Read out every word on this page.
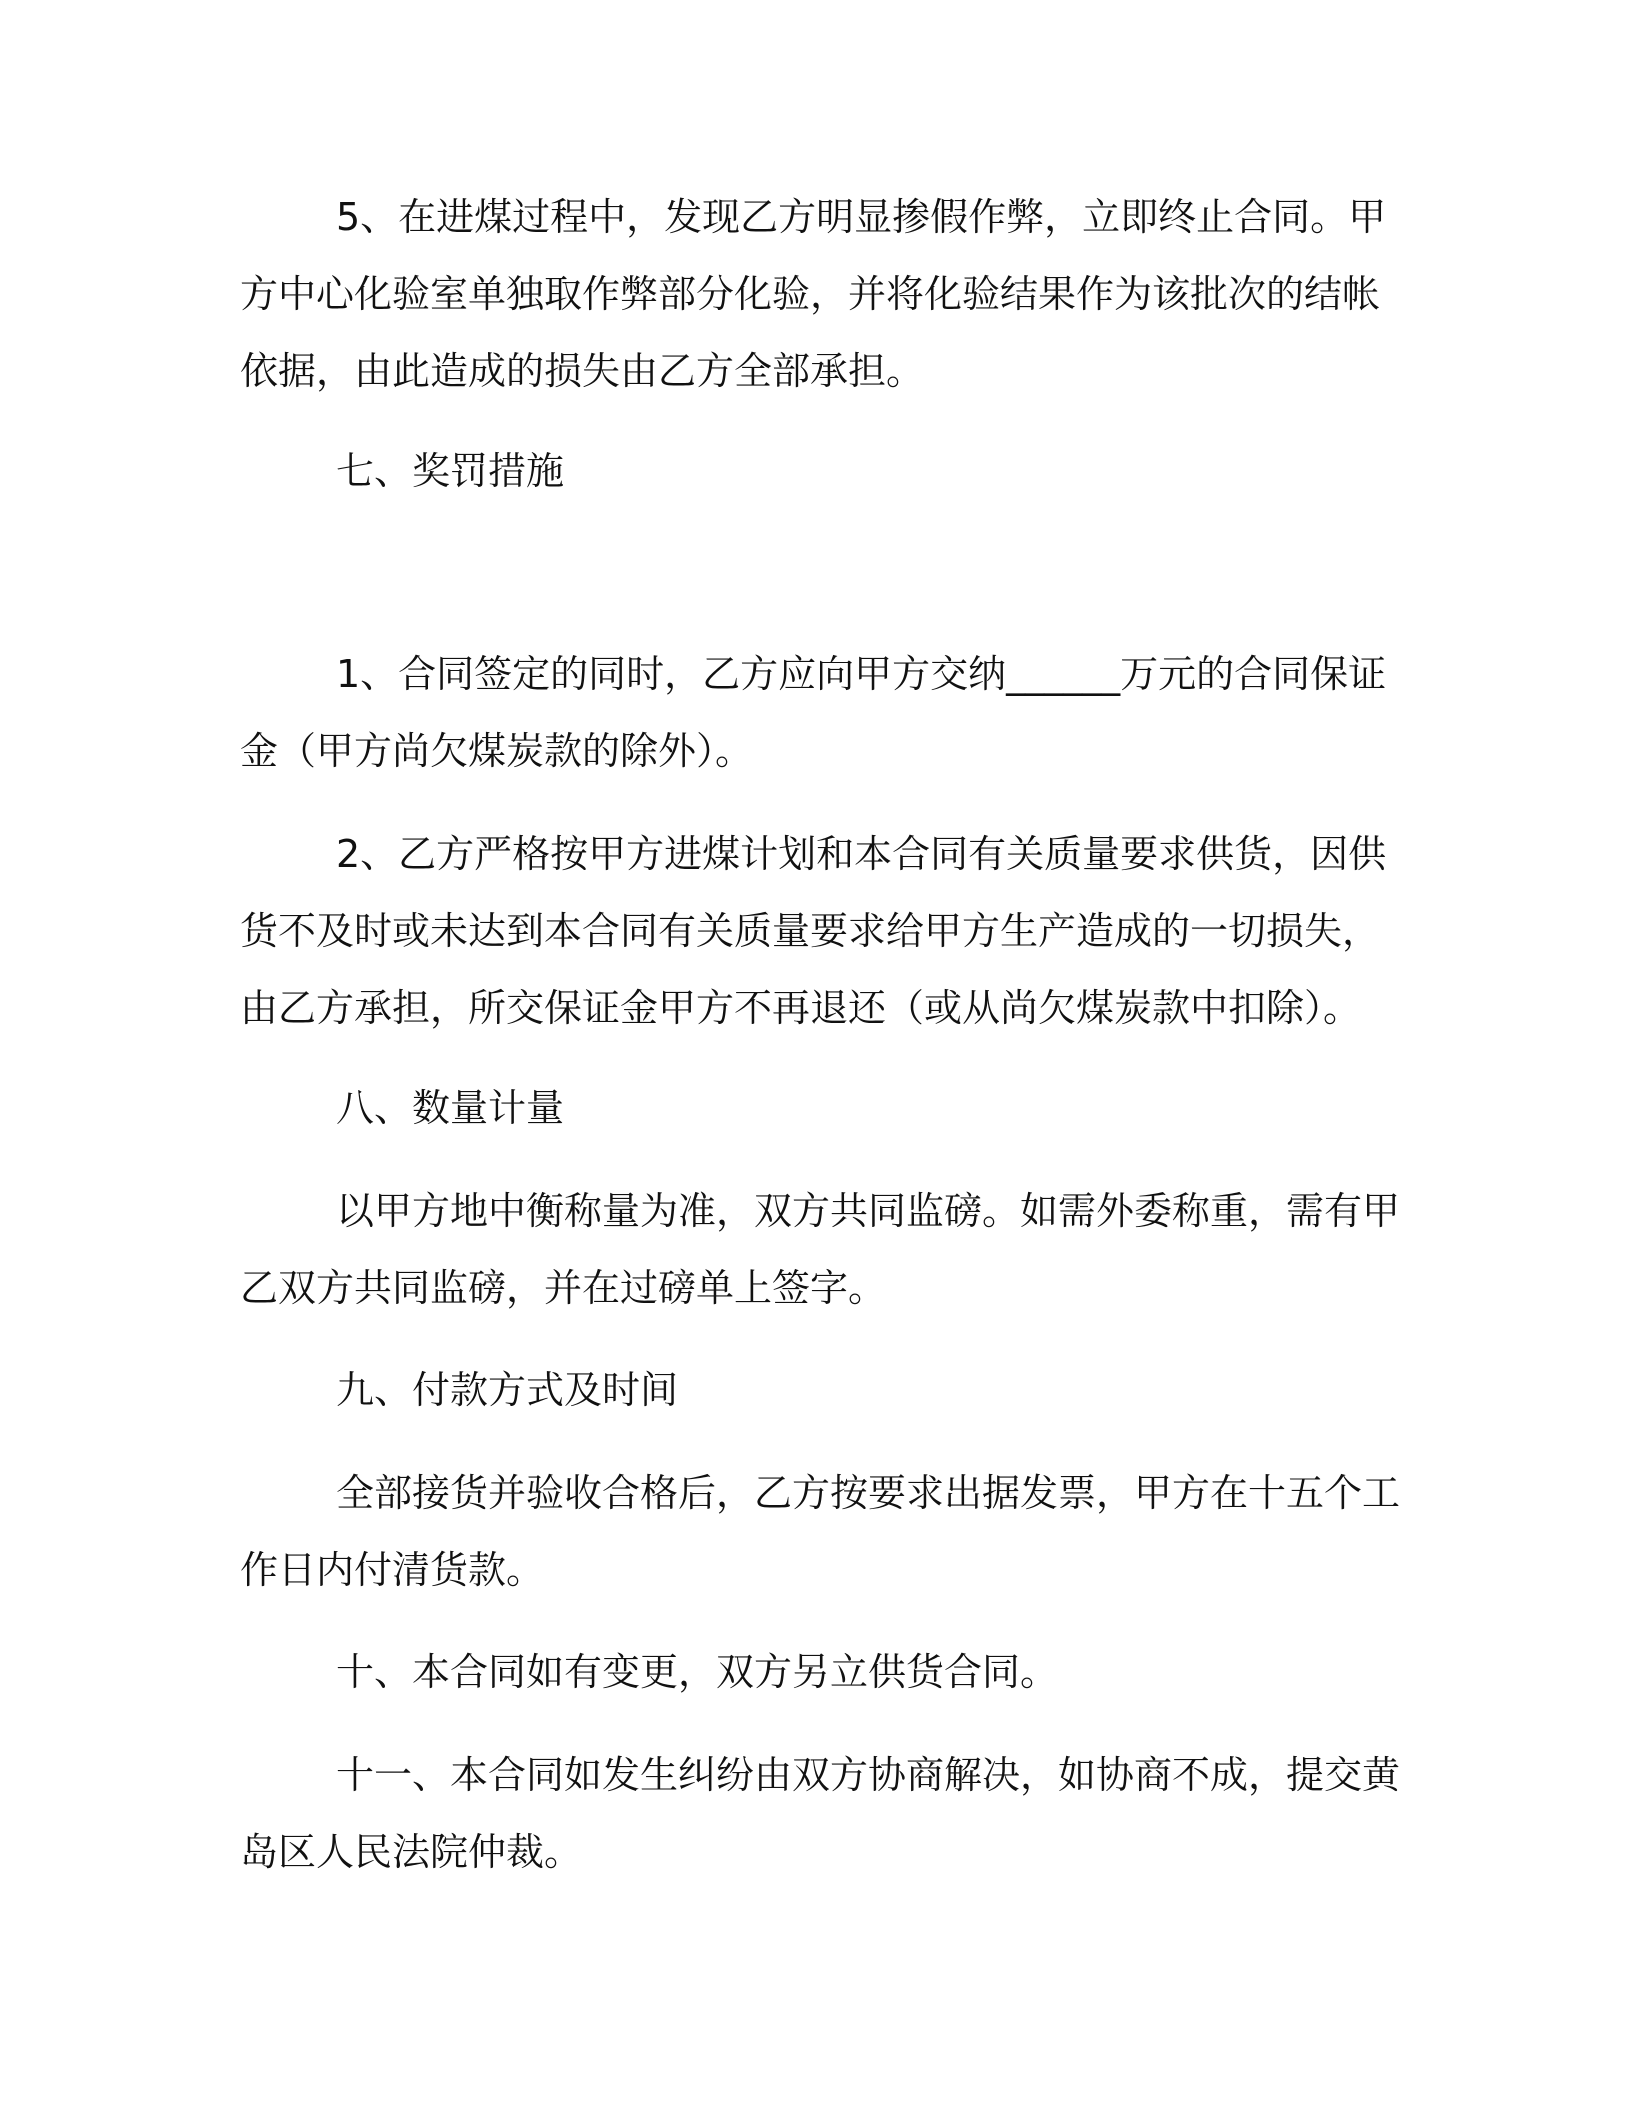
5、在进煤过程中，发现乙方明显掺假作弊，立即终止合同。甲
方中心化验室单独取作弊部分化验，并将化验结果作为该批次的结帐
依据，由此造成的损失由乙方全部承担。

七、奖罚措施

1、合同签定的同时，乙方应向甲方交纳______万元的合同保证
金（甲方尚欠煤炭款的除外）。

2、乙方严格按甲方进煤计划和本合同有关质量要求供货，因供
货不及时或未达到本合同有关质量要求给甲方生产造成的一切损失，
由乙方承担，所交保证金甲方不再退还（或从尚欠煤炭款中扣除）。

八、数量计量

以甲方地中衡称量为准，双方共同监磅。如需外委称重，需有甲
乙双方共同监磅，并在过磅单上签字。

九、付款方式及时间

全部接货并验收合格后，乙方按要求出据发票，甲方在十五个工
作日内付清货款。

十、本合同如有变更，双方另立供货合同。

十一、本合同如发生纠纷由双方协商解决，如协商不成，提交黄
岛区人民法院仲裁。
